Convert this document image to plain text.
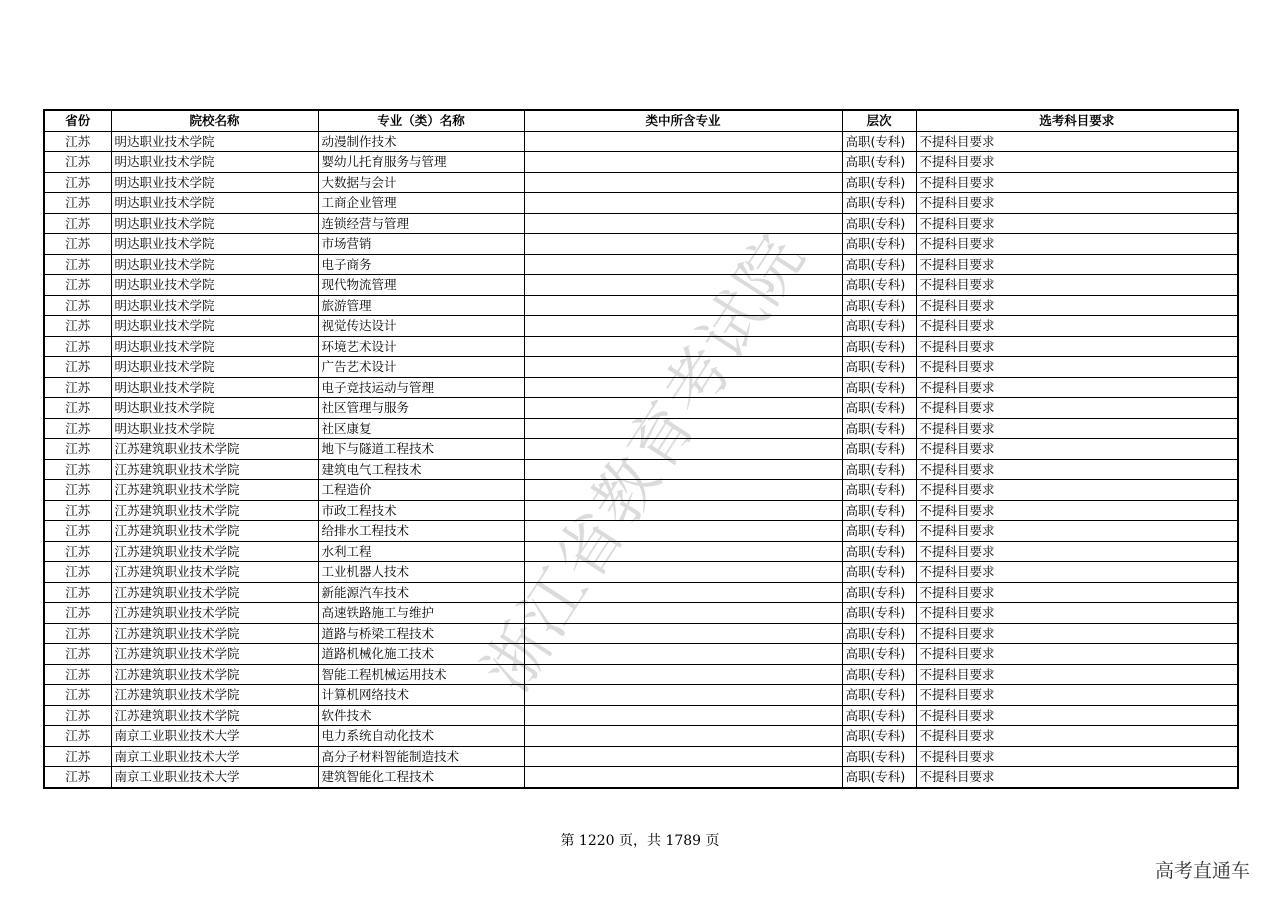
浙江省教育考试院
省份	院校名称	专业（类）名称	类中所含专业	层次	选考科目要求
江苏	明达职业技术学院	动漫制作技术		高职(专科)	不提科目要求
江苏	明达职业技术学院	婴幼儿托育服务与管理		高职(专科)	不提科目要求
江苏	明达职业技术学院	大数据与会计		高职(专科)	不提科目要求
江苏	明达职业技术学院	工商企业管理		高职(专科)	不提科目要求
江苏	明达职业技术学院	连锁经营与管理		高职(专科)	不提科目要求
江苏	明达职业技术学院	市场营销		高职(专科)	不提科目要求
江苏	明达职业技术学院	电子商务		高职(专科)	不提科目要求
江苏	明达职业技术学院	现代物流管理		高职(专科)	不提科目要求
江苏	明达职业技术学院	旅游管理		高职(专科)	不提科目要求
江苏	明达职业技术学院	视觉传达设计		高职(专科)	不提科目要求
江苏	明达职业技术学院	环境艺术设计		高职(专科)	不提科目要求
江苏	明达职业技术学院	广告艺术设计		高职(专科)	不提科目要求
江苏	明达职业技术学院	电子竞技运动与管理		高职(专科)	不提科目要求
江苏	明达职业技术学院	社区管理与服务		高职(专科)	不提科目要求
江苏	明达职业技术学院	社区康复		高职(专科)	不提科目要求
江苏	江苏建筑职业技术学院	地下与隧道工程技术		高职(专科)	不提科目要求
江苏	江苏建筑职业技术学院	建筑电气工程技术		高职(专科)	不提科目要求
江苏	江苏建筑职业技术学院	工程造价		高职(专科)	不提科目要求
江苏	江苏建筑职业技术学院	市政工程技术		高职(专科)	不提科目要求
江苏	江苏建筑职业技术学院	给排水工程技术		高职(专科)	不提科目要求
江苏	江苏建筑职业技术学院	水利工程		高职(专科)	不提科目要求
江苏	江苏建筑职业技术学院	工业机器人技术		高职(专科)	不提科目要求
江苏	江苏建筑职业技术学院	新能源汽车技术		高职(专科)	不提科目要求
江苏	江苏建筑职业技术学院	高速铁路施工与维护		高职(专科)	不提科目要求
江苏	江苏建筑职业技术学院	道路与桥梁工程技术		高职(专科)	不提科目要求
江苏	江苏建筑职业技术学院	道路机械化施工技术		高职(专科)	不提科目要求
江苏	江苏建筑职业技术学院	智能工程机械运用技术		高职(专科)	不提科目要求
江苏	江苏建筑职业技术学院	计算机网络技术		高职(专科)	不提科目要求
江苏	江苏建筑职业技术学院	软件技术		高职(专科)	不提科目要求
江苏	南京工业职业技术大学	电力系统自动化技术		高职(专科)	不提科目要求
江苏	南京工业职业技术大学	高分子材料智能制造技术		高职(专科)	不提科目要求
江苏	南京工业职业技术大学	建筑智能化工程技术		高职(专科)	不提科目要求
第 1220 页，共 1789 页
高考直通车
